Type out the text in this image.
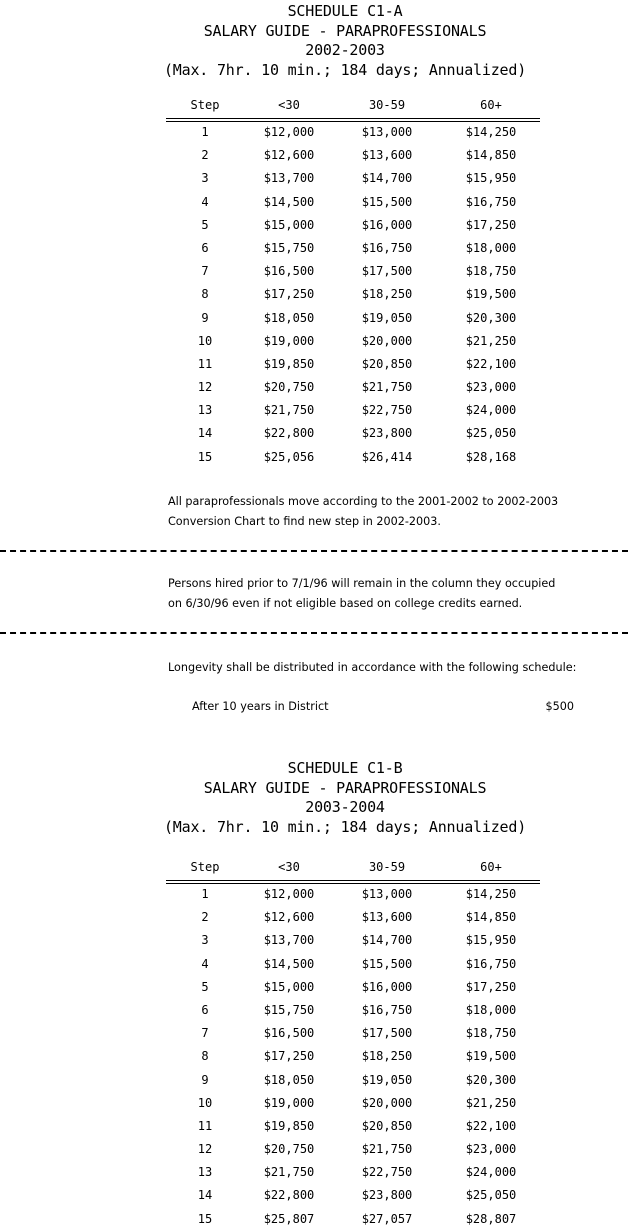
SCHEDULE C1-A
SALARY GUIDE - PARAPROFESSIONALS
2002-2003
(Max. 7hr. 10 min.; 184 days; Annualized)
Step	<30	30-59	60+
1	$12,000	$13,000	$14,250
2	$12,600	$13,600	$14,850
3	$13,700	$14,700	$15,950
4	$14,500	$15,500	$16,750
5	$15,000	$16,000	$17,250
6	$15,750	$16,750	$18,000
7	$16,500	$17,500	$18,750
8	$17,250	$18,250	$19,500
9	$18,050	$19,050	$20,300
10	$19,000	$20,000	$21,250
11	$19,850	$20,850	$22,100
12	$20,750	$21,750	$23,000
13	$21,750	$22,750	$24,000
14	$22,800	$23,800	$25,050
15	$25,056	$26,414	$28,168
All paraprofessionals move according to the 2001-2002 to 2002-2003
Conversion Chart to find new step in 2002-2003.
Persons hired prior to 7/1/96 will remain in the column they occupied
on 6/30/96 even if not eligible based on college credits earned.
Longevity shall be distributed in accordance with the following schedule:
After 10 years in District	$500
SCHEDULE C1-B
SALARY GUIDE - PARAPROFESSIONALS
2003-2004
(Max. 7hr. 10 min.; 184 days; Annualized)
Step	<30	30-59	60+
1	$12,000	$13,000	$14,250
2	$12,600	$13,600	$14,850
3	$13,700	$14,700	$15,950
4	$14,500	$15,500	$16,750
5	$15,000	$16,000	$17,250
6	$15,750	$16,750	$18,000
7	$16,500	$17,500	$18,750
8	$17,250	$18,250	$19,500
9	$18,050	$19,050	$20,300
10	$19,000	$20,000	$21,250
11	$19,850	$20,850	$22,100
12	$20,750	$21,750	$23,000
13	$21,750	$22,750	$24,000
14	$22,800	$23,800	$25,050
15	$25,807	$27,057	$28,807
